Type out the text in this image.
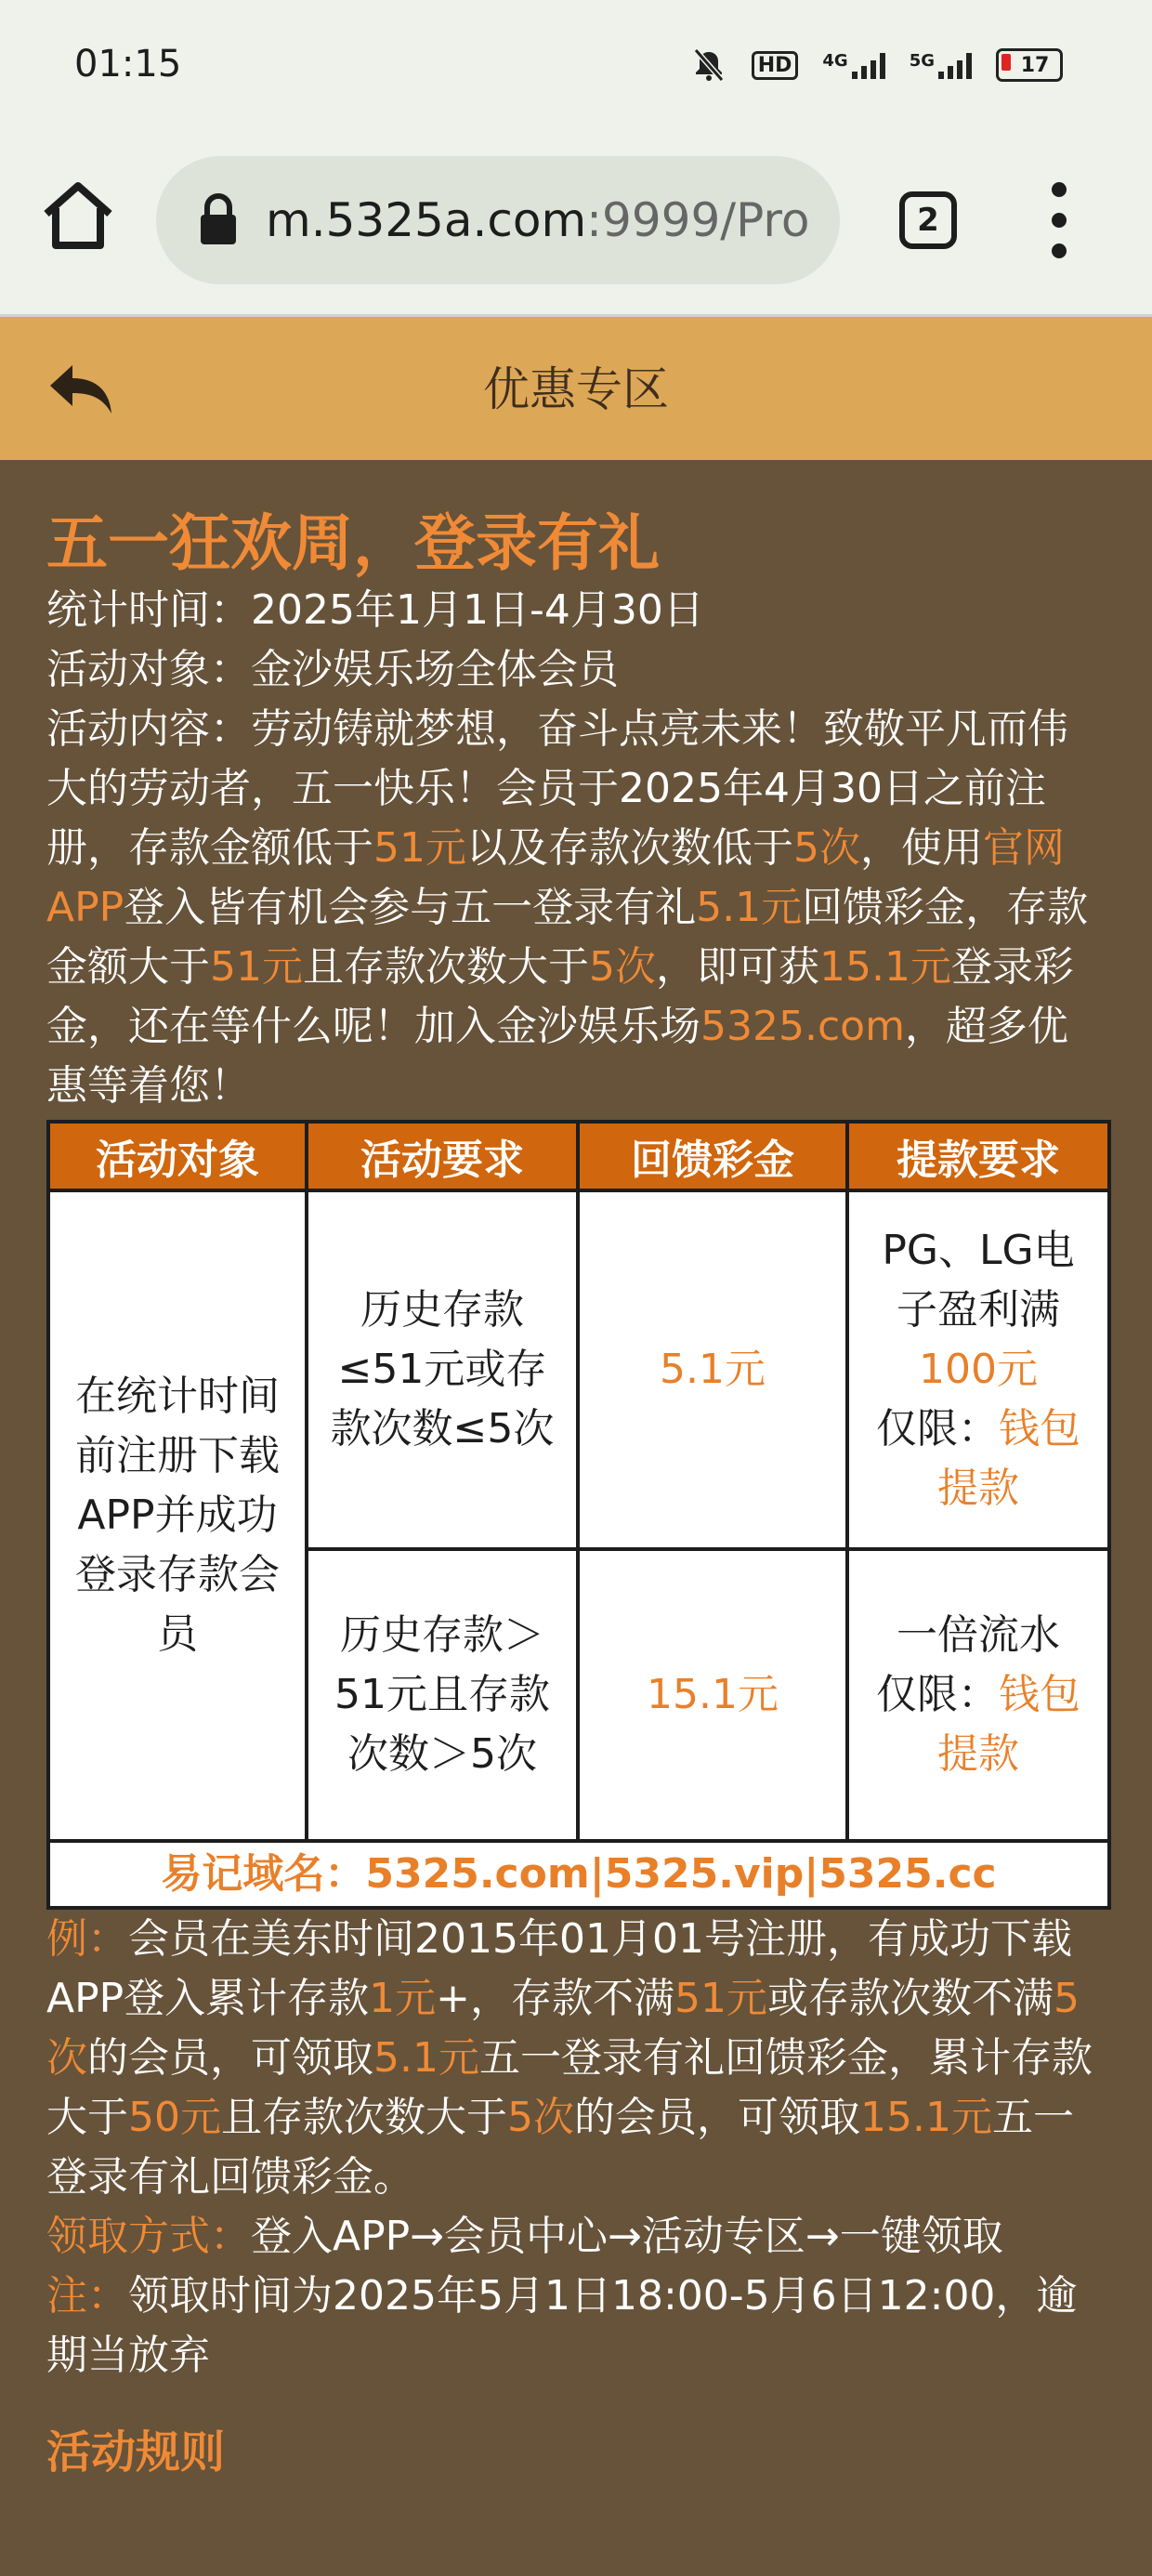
01:15	HD	4G	5G	17
m.5325a.com:9999/Pro	2
优惠专区
五一狂欢周，登录有礼

统计时间：2025年1月1日-4月30日

活动对象：金沙娱乐场全体会员

活动内容：劳动铸就梦想，奋斗点亮未来！致敬平凡而伟大的劳动者，五一快乐！会员于2025年4月30日之前注册，存款金额低于51元以及存款次数低于5次，使用官网APP登入皆有机会参与五一登录有礼5.1元回馈彩金，存款金额大于51元且存款次数大于5次，即可获15.1元登录彩金，还在等什么呢！加入金沙娱乐场5325.com，超多优惠等着您！

活动对象	活动要求	回馈彩金	提款要求
在统计时间前注册下载APP并成功登录存款会员	历史存款≤51元或存款次数≤5次	5.1元	PG、LG电子盈利满
100元
仅限：钱包提款
	历史存款＞51元且存款次数＞5次	15.1元	一倍流水
仅限：钱包提款
易记域名：5325.com|5325.vip|5325.cc			

例：会员在美东时间2015年01月01号注册，有成功下载APP登入累计存款1元+，存款不满51元或存款次数不满5次的会员，可领取5.1元五一登录有礼回馈彩金，累计存款大于50元且存款次数大于5次的会员，可领取15.1元五一登录有礼回馈彩金。

领取方式：登入APP→会员中心→活动专区→一键领取

注：领取时间为2025年5月1日18:00-5月6日12:00，逾期当放弃

活动规则
